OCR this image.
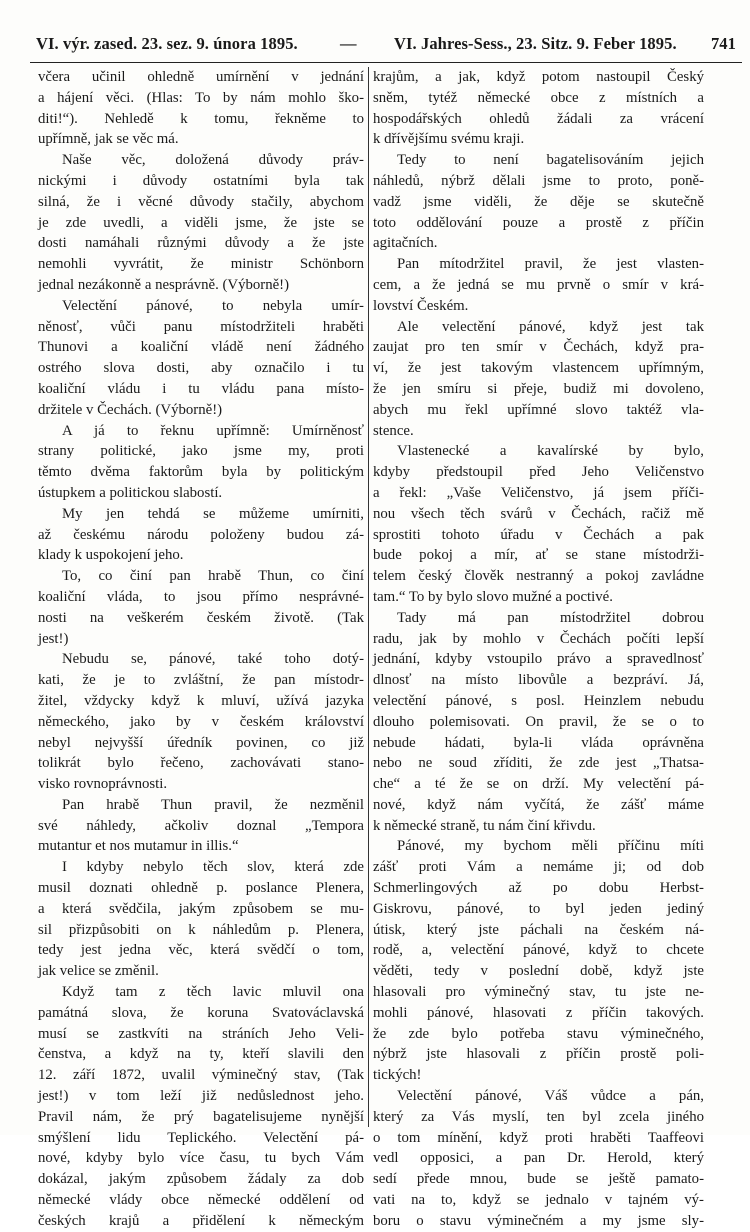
VI. výr. zased. 23. sez. 9. února 1895.	— VI. Jahres-Sess., 23. Sitz. 9. Feber 1895. 741
včera učinil ohledně umírnění v jednání
a hájení věci. (Hlas: To by nám mohlo ško-
diti!“). Nehledě k tomu, řekněme to
upřímně, jak se věc má.
Naše věc, doložená důvody práv-
nickými i důvody ostatními byla tak
silná, že i věcné důvody stačily, abychom
je zde uvedli, a viděli jsme, že jste se
dosti namáhali různými důvody a že jste
nemohli vyvrátit, že ministr Schönborn
jednal nezákonně a nesprávně. (Výborně!)
Velectění pánové, to nebyla umír-
něnosť, vůči panu místodržiteli hraběti
Thunovi a koaliční vládě není žádného
ostrého slova dosti, aby označilo i tu
koaliční vládu i tu vládu pana místo-
držitele v Čechách. (Výborně!)
A já to řeknu upřímně: Umírněnosť
strany politické, jako jsme my, proti
těmto dvěma faktorům byla by politickým
ústupkem a politickou slabostí.
My jen tehdá se můžeme umírniti,
až českému národu položeny budou zá-
klady k uspokojení jeho.
To, co činí pan hrabě Thun, co činí
koaliční vláda, to jsou přímo nesprávné-
nosti na veškerém českém životě. (Tak
jest!)
Nebudu se, pánové, také toho dotý-
kati, že je to zvláštní, že pan místodr-
žitel, vždycky když k mluví, užívá jazyka
německého, jako by v českém království
nebyl nejvyšší úředník povinen, co již
tolikrát bylo řečeno, zachovávati stano-
visko rovnoprávnosti.
Pan hrabě Thun pravil, že nezměnil
své náhledy, ačkoliv doznal „Tempora
mutantur et nos mutamur in illis.“
I kdyby nebylo těch slov, která zde
musil doznati ohledně p. poslance Plenera,
a která svědčila, jakým způsobem se mu-
sil přizpůsobiti on k náhledům p. Plenera,
tedy jest jedna věc, která svědčí o tom,
jak velice se změnil.
Když tam z těch lavic mluvil ona
památná slova, že koruna Svatováclavská
musí se zastkvíti na stráních Jeho Veli-
čenstva, a když na ty, kteří slavili den
12. září 1872, uvalil výminečný stav, (Tak
jest!) v tom leží již nedůslednost jeho.
Pravil nám, že prý bagatelisujeme nynější
smýšlení lidu Teplického. Velectění pá-
nové, kdyby bylo více času, tu bych Vám
dokázal, jakým způsobem žádaly za dob
německé vlády obce německé oddělení od
českých krajů a přidělení k německým
krajům, a jak, když potom nastoupil Český
sněm, tytéž německé obce z místních a
hospodářských ohledů žádali za vrácení
k dřívějšímu svému kraji.
Tedy to není bagatelisováním jejich
náhledů, nýbrž dělali jsme to proto, poně-
vadž jsme viděli, že děje se skutečně
toto oddělování pouze a prostě z příčin
agitačních.
Pan mítodržitel pravil, že jest vlasten-
cem, a že jedná se mu prvně o smír v krá-
lovství Českém.
Ale velectění pánové, když jest tak
zaujat pro ten smír v Čechách, když pra-
ví, že jest takovým vlastencem upřímným,
že jen smíru si přeje, budiž mi dovoleno,
abych mu řekl upřímné slovo taktéž vla-
stence.
Vlastenecké a kavalírské by bylo,
kdyby předstoupil před Jeho Veličenstvo
a řekl: „Vaše Veličenstvo, já jsem příči-
nou všech těch svárů v Čechách, račiž mě
sprostiti tohoto úřadu v Čechách a pak
bude pokoj a mír, ať se stane místodrži-
telem český člověk nestranný a pokoj zavládne
tam.“ To by bylo slovo mužné a poctivé.
Tady má pan místodržitel dobrou
radu, jak by mohlo v Čechách počíti lepší
jednání, kdyby vstoupilo právo a spravedlnosť
dlnosť na místo libovůle a bezpráví. Já,
velectění pánové, s posl. Heinzlem nebudu
dlouho polemisovati. On pravil, že se o to
nebude hádati, byla-li vláda oprávněna
nebo ne soud zříditi, že zde jest „Thatsa-
che“ a té že se on drží. My velectění pá-
nové, když nám vyčítá, že zášť máme
k německé straně, tu nám činí křivdu.
Pánové, my bychom měli příčinu míti
zášť proti Vám a nemáme ji; od dob
Schmerlingových až po dobu Herbst-
Giskrovu, pánové, to byl jeden jediný
útisk, který jste páchali na českém ná-
rodě, a, velectění pánové, když to chcete
věděti, tedy v poslední době, když jste
hlasovali pro výminečný stav, tu jste ne-
mohli pánové, hlasovati z příčin takových.
že zde bylo potřeba stavu výminečného,
nýbrž jste hlasovali z příčin prostě poli-
tických!
Velectění pánové, Váš vůdce a pán,
který za Vás myslí, ten byl zcela jiného
o tom mínění, když proti hraběti Taaffeovi
vedl opposici, a pan Dr. Herold, který
sedí přede mnou, bude se ještě pamato-
vati na to, když se jednalo v tajném vý-
boru o stavu výminečném a my jsme sly-
